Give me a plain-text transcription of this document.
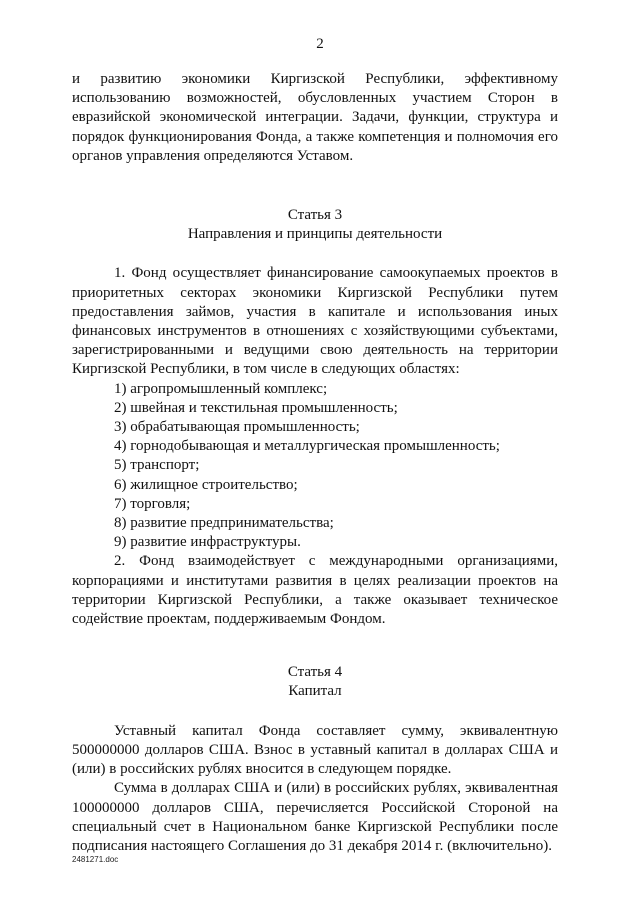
2

и развитию экономики Киргизской Республики, эффективному использованию возможностей, обусловленных участием Сторон в евразийской экономической интеграции. Задачи, функции, структура и порядок функционирования Фонда, а также компетенция и полномочия его органов управления определяются Уставом.

Статья 3

Направления и принципы деятельности

1. Фонд осуществляет финансирование самоокупаемых проектов в приоритетных секторах экономики Киргизской Республики путем предоставления займов, участия в капитале и использования иных финансовых инструментов в отношениях с хозяйствующими субъектами, зарегистрированными и ведущими свою деятельность на территории Киргизской Республики, в том числе в следующих областях:

1) агропромышленный комплекс;

2) швейная и текстильная промышленность;

3) обрабатывающая промышленность;

4) горнодобывающая и металлургическая промышленность;

5) транспорт;

6) жилищное строительство;

7) торговля;

8) развитие предпринимательства;

9) развитие инфраструктуры.

2. Фонд взаимодействует с международными организациями, корпорациями и институтами развития в целях реализации проектов на территории Киргизской Республики, а также оказывает техническое содействие проектам, поддерживаемым Фондом.

Статья 4

Капитал

Уставный капитал Фонда составляет сумму, эквивалентную 500000000 долларов США. Взнос в уставный капитал в долларах США и (или) в российских рублях вносится в следующем порядке.

Сумма в долларах США и (или) в российских рублях, эквивалентная 100000000 долларов США, перечисляется Российской Стороной на специальный счет в Национальном банке Киргизской Республики после подписания настоящего Соглашения до 31 декабря 2014 г. (включительно).

2481271.doc
